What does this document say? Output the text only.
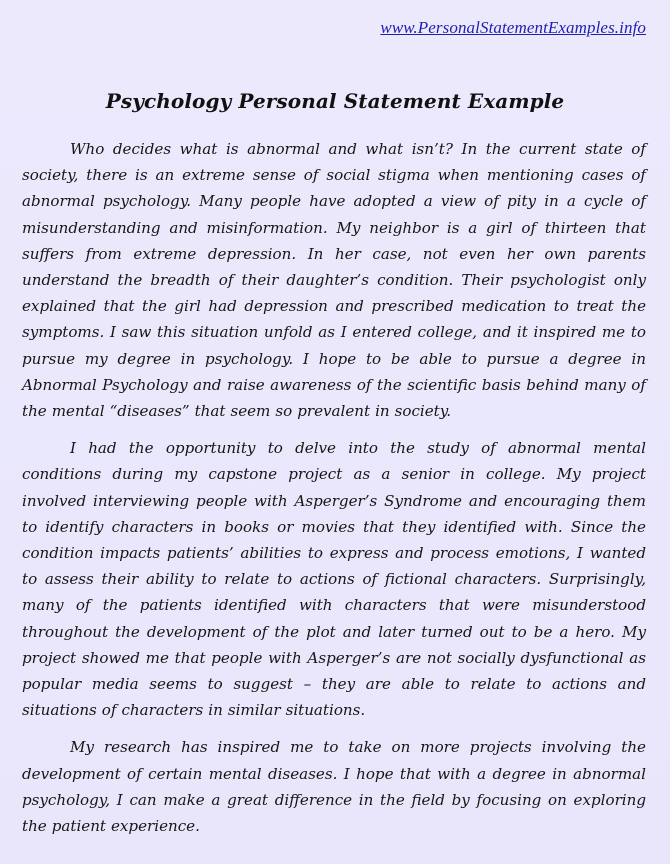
www.PersonalStatementExamples.info
Psychology Personal Statement Example

Who decides what is abnormal and what isn’t? In the current state of society, there is an extreme sense of social stigma when mentioning cases of abnormal psychology. Many people have adopted a view of pity in a cycle of misunderstanding and misinformation. My neighbor is a girl of thirteen that suffers from extreme depression. In her case, not even her own parents understand the breadth of their daughter’s condition. Their psychologist only explained that the girl had depression and prescribed medication to treat the symptoms. I saw this situation unfold as I entered college, and it inspired me to pursue my degree in psychology. I hope to be able to pursue a degree in Abnormal Psychology and raise awareness of the scientific basis behind many of the mental “diseases” that seem so prevalent in society.

I had the opportunity to delve into the study of abnormal mental conditions during my capstone project as a senior in college. My project involved interviewing people with Asperger’s Syndrome and encouraging them to identify characters in books or movies that they identified with. Since the condition impacts patients’ abilities to express and process emotions, I wanted to assess their ability to relate to actions of fictional characters. Surprisingly, many of the patients identified with characters that were misunderstood throughout the development of the plot and later turned out to be a hero. My project showed me that people with Asperger’s are not socially dysfunctional as popular media seems to suggest – they are able to relate to actions and situations of characters in similar situations.

My research has inspired me to take on more projects involving the development of certain mental diseases. I hope that with a degree in abnormal psychology, I can make a great difference in the field by focusing on exploring the patient experience.
